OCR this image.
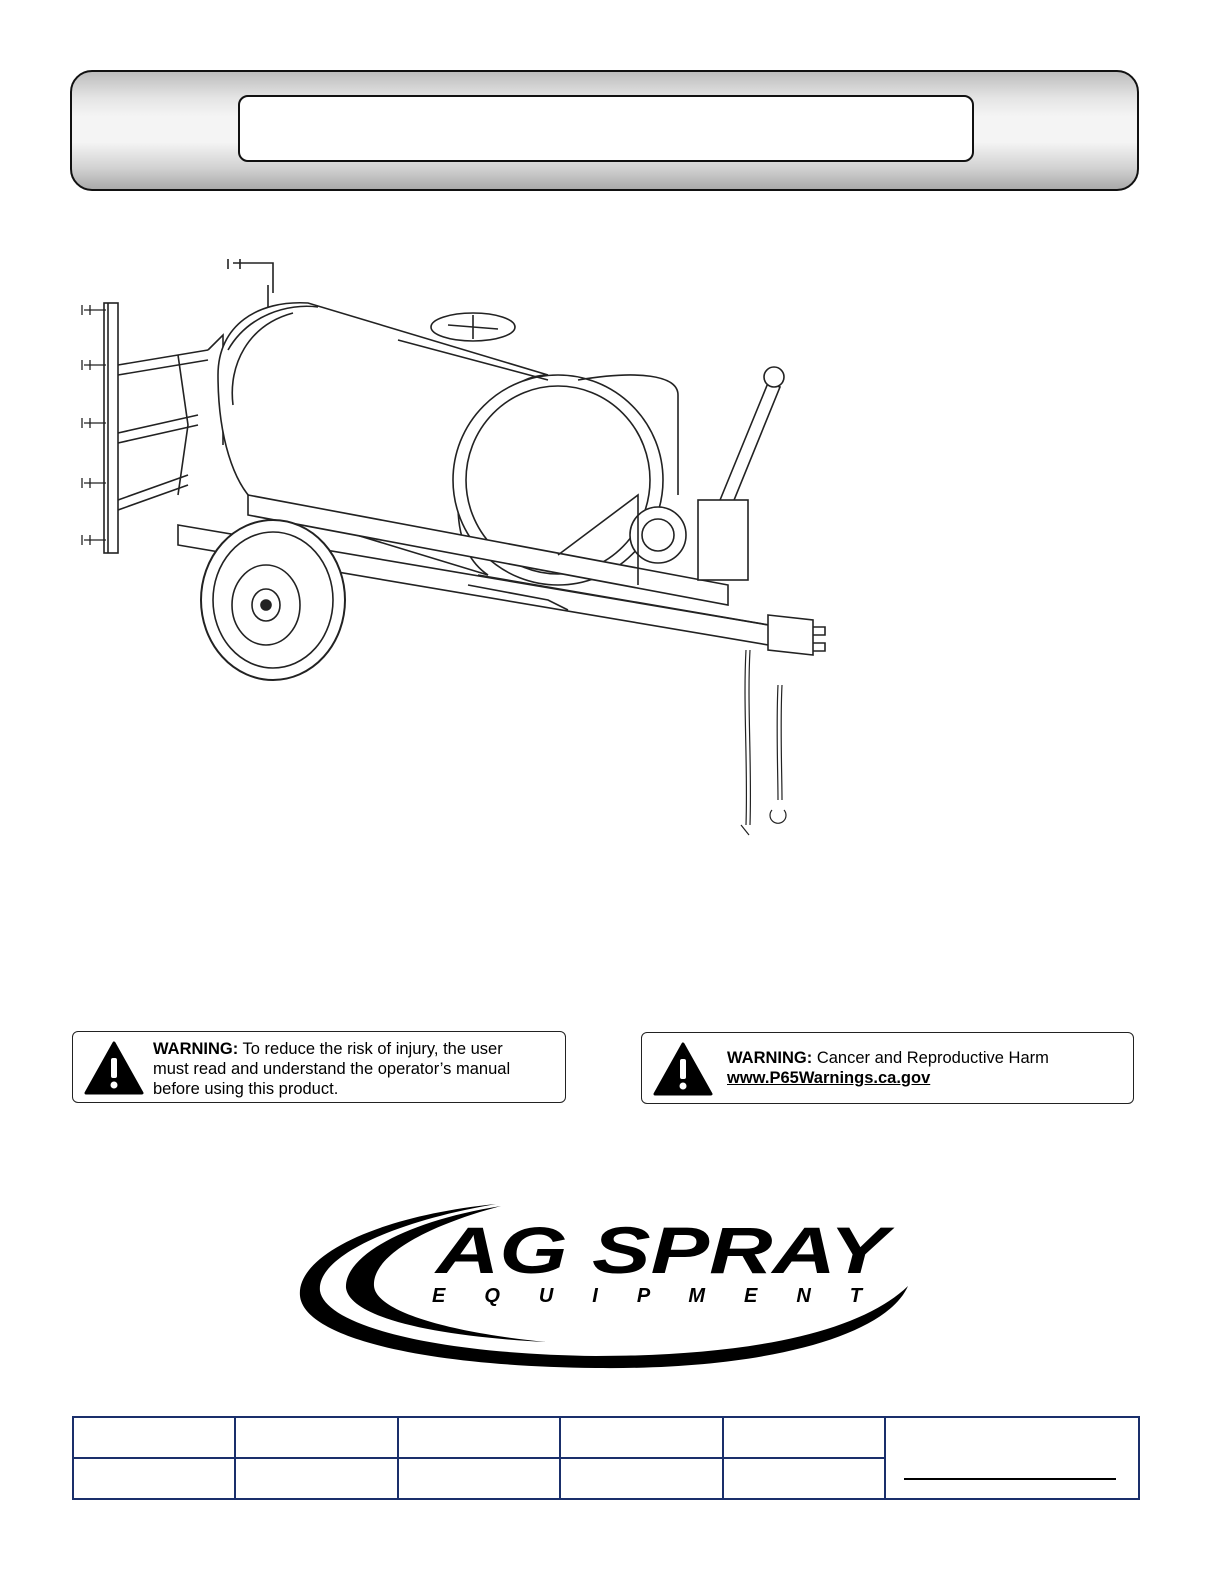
WARNING: To reduce the risk of injury, the user
must read and understand the operator’s manual
before using this product.
WARNING: Cancer and Reproductive Harm
www.P65Warnings.ca.gov
AG SPRAY
E Q U I P M E N T
